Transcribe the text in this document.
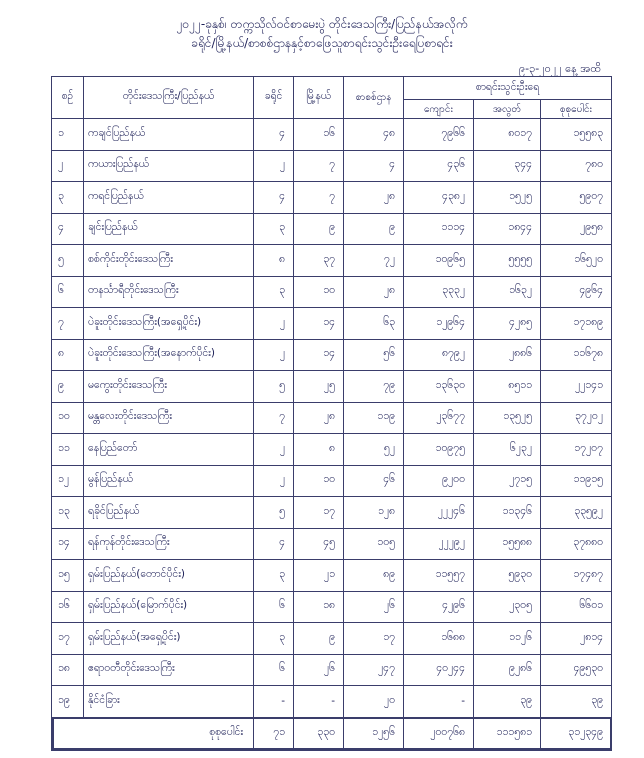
၂၀၂၂-ခုနှစ်၊ တက္ကသိုလ်ဝင်စာမေးပွဲ တိုင်းဒေသကြီး/ပြည်နယ်အလိုက်
ခရိုင်/မြို့နယ်/စာစစ်ဌာနနှင့်စာဖြေသူစာရင်းသွင်းဦးရေပြစာရင်း
၉-၃-၂၀၂၂ နေ့ အထိ
စဉ်	တိုင်းဒေသကြီး/ပြည်နယ်	ခရိုင်	မြို့နယ်	စာစစ်ဌာန	စာရင်းသွင်းဦးရေ		
					ကျောင်း	အလွတ်	စုစုပေါင်း
၁	ကချင်ပြည်နယ်	၄	၁၆	၄၈	၇၉၆၆	၈၀၁၇	၁၅၅၈၃
၂	ကယားပြည်နယ်	၂	၇	၄	၄၃၆	၃၄၄	၇၈၀
၃	ကရင်ပြည်နယ်	၄	၇	၂၈	၄၃၈၂	၁၅၂၅	၅၉၀၇
၄	ချင်းပြည်နယ်	၃	၉	၉	၁၁၁၄	၁၈၄၄	၂၉၅၈
၅	စစ်ကိုင်းတိုင်းဒေသကြီး	၈	၃၇	၇၂	၁၀၉၆၅	၅၅၅၅	၁၆၅၂၀
၆	တနင်္သာရီတိုင်းဒေသကြီး	၃	၁၀	၂၈	၃၃၃၂	၁၆၃၂	၄၉၆၄
၇	ပဲခူးတိုင်းဒေသကြီး(အရှေ့ပိုင်း)	၂	၁၄	၆၃	၁၂၉၆၄	၄၂၈၅	၁၇၁၈၉
၈	ပဲခူးတိုင်းဒေသကြီး(အနောက်ပိုင်း)	၂	၁၄	၅၆	၈၇၉၂	၂၈၈၆	၁၁၆၇၈
၉	မကွေးတိုင်းဒေသကြီး	၅	၂၅	၇၉	၁၃၆၃၀	၈၅၁၁	၂၂၁၄၁
၁၀	မန္တလေးတိုင်းဒေသကြီး	၇	၂၈	၁၁၉	၂၃၆၇၇	၁၃၅၂၅	၃၇၂၀၂
၁၁	နေပြည်တော်	၂	၈	၅၂	၁၀၉၇၅	၆၂၃၂	၁၇၂၀၇
၁၂	မွန်ပြည်နယ်	၂	၁၀	၄၆	၉၂၀၀	၂၇၁၅	၁၁၉၁၅
၁၃	ရခိုင်ပြည်နယ်	၅	၁၇	၁၂၈	၂၂၂၄၆	၁၁၃၄၆	၃၃၅၉၂
၁၄	ရန်ကုန်တိုင်းဒေသကြီး	၄	၄၅	၁၀၅	၂၂၂၉၂	၁၅၅၈၈	၃၇၈၈၀
၁၅	ရှမ်းပြည်နယ်(တောင်ပိုင်း)	၃	၂၁	၈၉	၁၁၅၅၇	၅၉၃၀	၁၇၄၈၇
၁၆	ရှမ်းပြည်နယ်(မြောက်ပိုင်း)	၆	၁၈	၂၆	၄၂၉၆	၂၃၀၅	၆၆၀၁
၁၇	ရှမ်းပြည်နယ်(အရှေ့ပိုင်း)	၃	၉	၁၇	၁၆၈၈	၁၁၂၆	၂၈၁၄
၁၈	ဧရာဝတီတိုင်းဒေသကြီး	၆	၂၆	၂၄၇	၄၀၂၄၄	၉၂၈၆	၄၉၅၃၀
၁၉	နိုင်ငံခြား	-	-	၂၀	-	၃၉	၃၉
စုစုပေါင်း		၇၁	၃၃၀	၁၂၅၆	၂၀၀၇၆၈	၁၁၁၅၈၁	၃၁၂၃၄၉
